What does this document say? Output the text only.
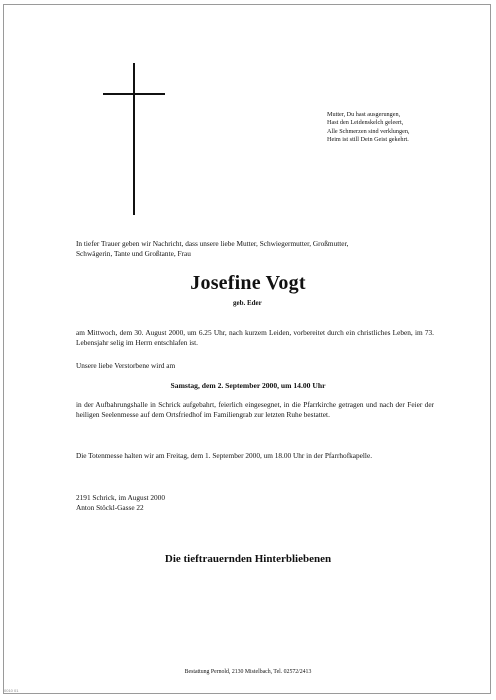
Mutter, Du hast ausgerungen,
Hast den Leidenskelch geleert,
Alle Schmerzen sind verklungen,
Heim ist still Dein Geist gekehrt.
In tiefer Trauer geben wir Nachricht, dass unsere liebe Mutter, Schwiegermutter, Großmutter,
Schwägerin, Tante und Großtante, Frau
Josefine Vogt
geb. Eder
am Mittwoch, dem 30. August 2000, um 6.25 Uhr, nach kurzem Leiden, vorbereitet durch ein christliches Leben, im 73. Lebensjahr selig im Herrn entschlafen ist.
Unsere liebe Verstorbene wird am
Samstag, dem 2. September 2000, um 14.00 Uhr
in der Aufbahrungshalle in Schrick aufgebahrt, feierlich eingesegnet, in die Pfarrkirche getragen und nach der Feier der heiligen Seelenmesse auf dem Ortsfriedhof im Familiengrab zur letzten Ruhe bestattet.
Die Totenmesse halten wir am Freitag, dem 1. September 2000, um 18.00 Uhr in der Pfarrhofkapelle.
2191 Schrick, im August 2000
Anton Stöckl-Gasse 22
Die tieftrauernden Hinterbliebenen
Bestattung Pernold, 2130 Mistelbach, Tel. 02572/2413
0010 01
